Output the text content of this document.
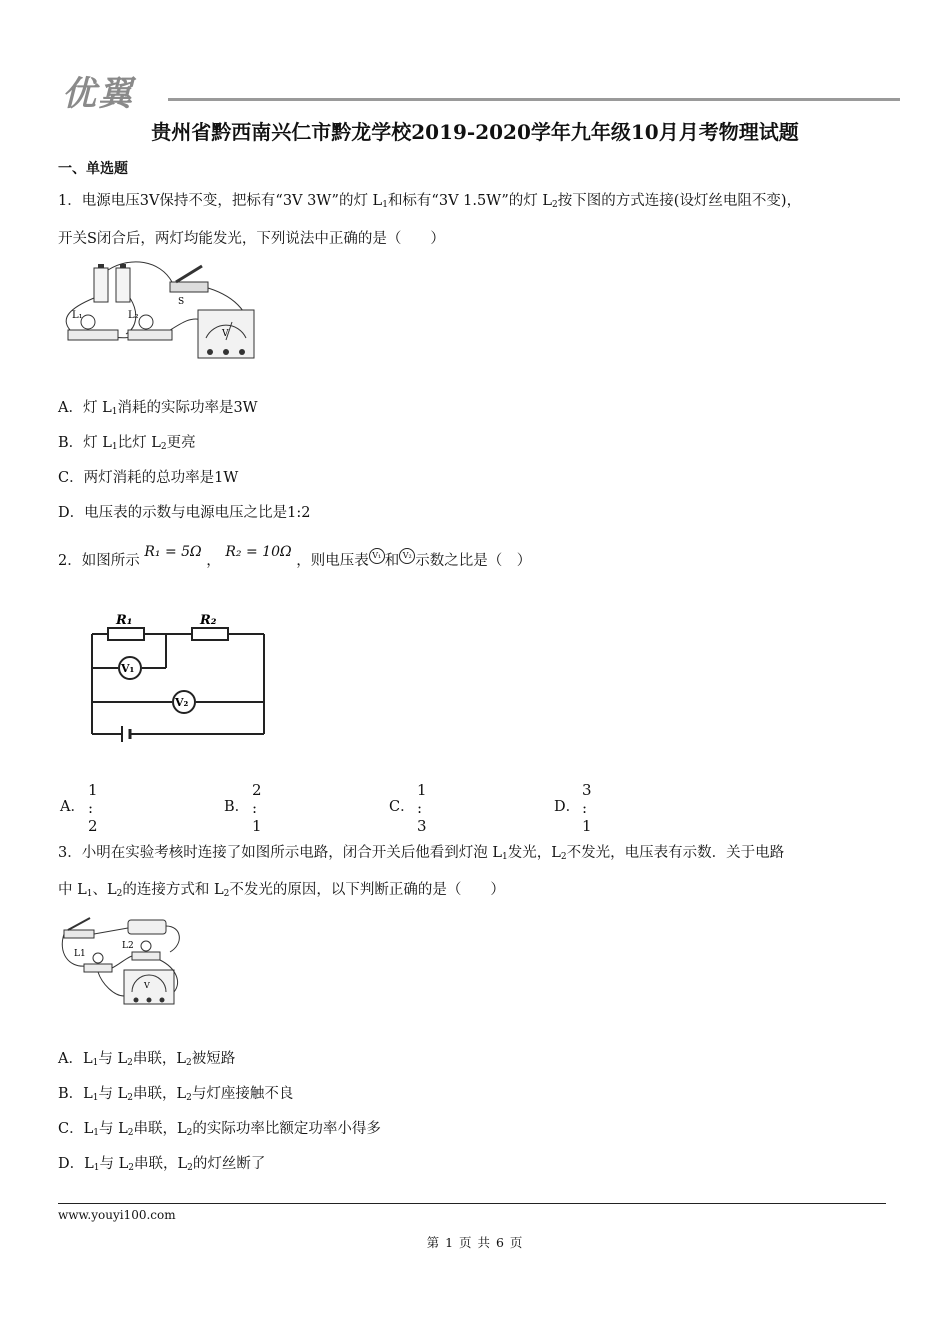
优翼
贵州省黔西南兴仁市黔龙学校2019-2020学年九年级10月月考物理试题
一、单选题
1．电源电压3V保持不变，把标有“3V 3W”的灯 $L_1$和标有“3V 1.5W”的灯 $L_2$按下图的方式连接(设灯丝电阻不变)，
开关S闭合后，两灯均能发光，下列说法中正确的是（　　）
S
L₁	L₂
V
A．灯 $L_1$消耗的实际功率是3W
B．灯 $L_1$比灯 $L_2$更亮
C．两灯消耗的总功率是1W
D．电压表的示数与电源电压之比是1:2
2．如图所示 R₁ = 5Ω ， R₂ = 10Ω ，则电压表 V₁ 和 V₂ 示数之比是（　）
R₁	R₂
V₁
V₂
A．
1 : 2
B．
2 : 1
C．
1 : 3
D．
3 : 1
3．小明在实验考核时连接了如图所示电路，闭合开关后他看到灯泡 $L_1$发光，$L_2$不发光，电压表有示数．关于电路
中 $L_1$、$L_2$的连接方式和 $L_2$不发光的原因，以下判断正确的是（　　）
L1
L2
V
A．$L_1$与 $L_2$串联，$L_2$被短路
B．$L_1$与 $L_2$串联，$L_2$与灯座接触不良
C．$L_1$与 $L_2$串联，$L_2$的实际功率比额定功率小得多
D．$L_1$与 $L_2$串联，$L_2$的灯丝断了
www.youyi100.com
第 1 页 共 6 页
